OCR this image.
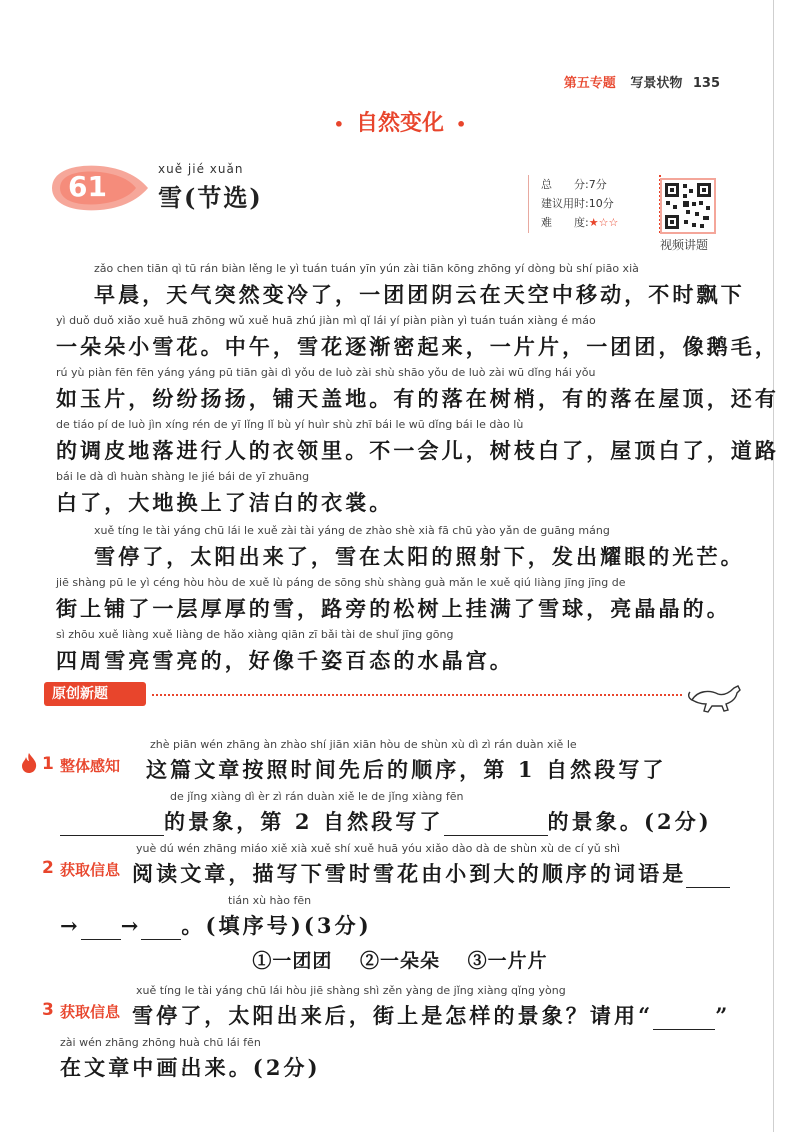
第五专题 写景状物 135
• 自然变化 •
61
xuě jié xuǎn
雪(节选)	总　　分:7分
建议用时:10分
难　　度:★☆☆
视频讲题
zǎo chen tiān qì tū rán biàn lěng le yì tuán tuán yīn yún zài tiān kōng zhōng yí dòng bù shí piāo xià
早晨，天气突然变冷了，一团团阴云在天空中移动，不时飘下
yì duǒ duǒ xiǎo xuě huā zhōng wǔ xuě huā zhú jiàn mì qǐ lái yí piàn piàn yì tuán tuán xiàng é máo
一朵朵小雪花。中午，雪花逐渐密起来，一片片，一团团，像鹅毛，
rú yù piàn fēn fēn yáng yáng pū tiān gài dì yǒu de luò zài shù shāo yǒu de luò zài wū dǐng hái yǒu
如玉片，纷纷扬扬，铺天盖地。有的落在树梢，有的落在屋顶，还有
de tiáo pí de luò jìn xíng rén de yī lǐng lǐ bù yí huìr shù zhī bái le wū dǐng bái le dào lù
的调皮地落进行人的衣领里。不一会儿，树枝白了，屋顶白了，道路
bái le dà dì huàn shàng le jié bái de yī zhuāng
白了，大地换上了洁白的衣裳。
xuě tíng le tài yáng chū lái le xuě zài tài yáng de zhào shè xià fā chū yào yǎn de guāng máng
雪停了，太阳出来了，雪在太阳的照射下，发出耀眼的光芒。
jiē shàng pū le yì céng hòu hòu de xuě lù páng de sōng shù shàng guà mǎn le xuě qiú liàng jīng jīng de
街上铺了一层厚厚的雪，路旁的松树上挂满了雪球，亮晶晶的。
sì zhōu xuě liàng xuě liàng de hǎo xiàng qiān zī bǎi tài de shuǐ jīng gōng
四周雪亮雪亮的，好像千姿百态的水晶宫。
原创新题
1 整体感知
zhè piān wén zhāng àn zhào shí jiān xiān hòu de shùn xù dì zì rán duàn xiě le
这篇文章按照时间先后的顺序，第 1 自然段写了
de jǐng xiàng dì èr zì rán duàn xiě le de jǐng xiàng fēn
的景象，第 2 自然段写了	的景象。(2分)
2 获取信息
yuè dú wén zhāng miáo xiě xià xuě shí xuě huā yóu xiǎo dào dà de shùn xù de cí yǔ shì
阅读文章，描写下雪时雪花由小到大的顺序的词语是
tián xù hào fēn
→ → 。(填序号)(3分)
①一团团 ②一朵朵 ③一片片
3 获取信息
xuě tíng le tài yáng chū lái hòu jiē shàng shì zěn yàng de jǐng xiàng qǐng yòng
雪停了，太阳出来后，街上是怎样的景象？请用“	”
zài wén zhāng zhōng huà chū lái fēn
在文章中画出来。(2分)
